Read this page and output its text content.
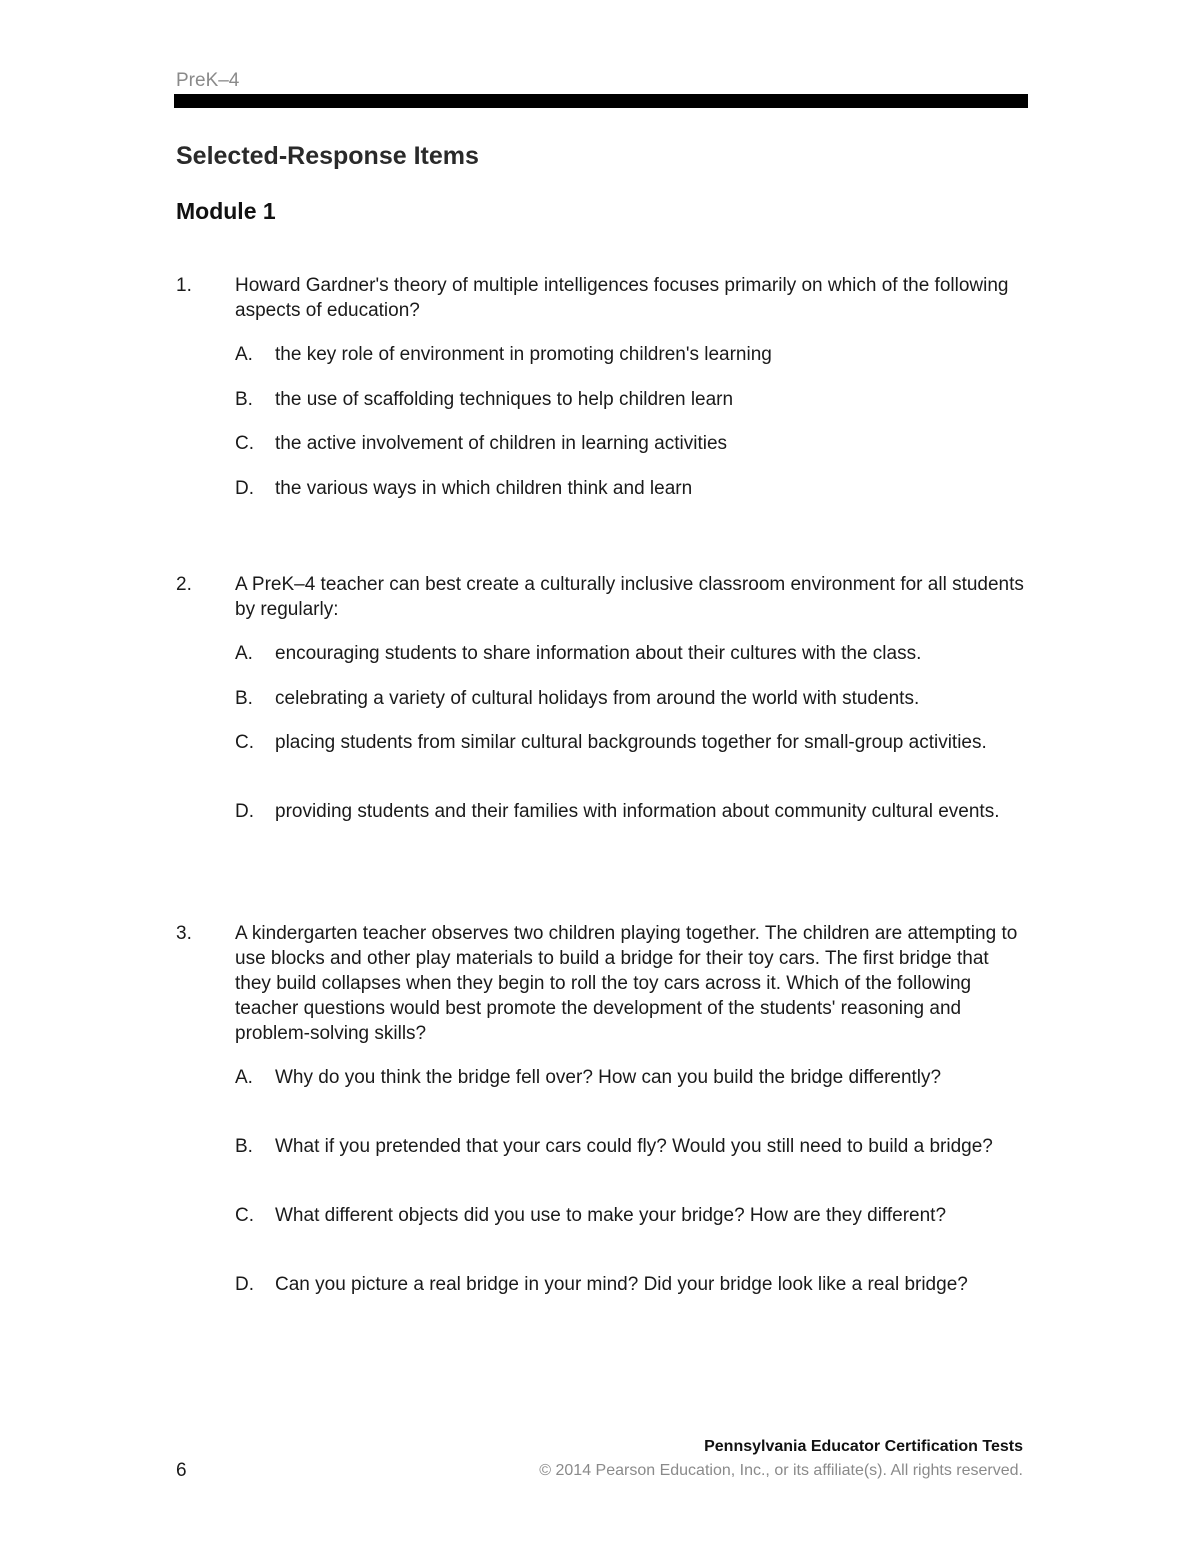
PreK–4
Selected-Response Items
Module 1
1. Howard Gardner's theory of multiple intelligences focuses primarily on which of the following aspects of education?
A. the key role of environment in promoting children's learning
B. the use of scaffolding techniques to help children learn
C. the active involvement of children in learning activities
D. the various ways in which children think and learn
2. A PreK–4 teacher can best create a culturally inclusive classroom environment for all students by regularly:
A. encouraging students to share information about their cultures with the class.
B. celebrating a variety of cultural holidays from around the world with students.
C. placing students from similar cultural backgrounds together for small-group activities.
D. providing students and their families with information about community cultural events.
3. A kindergarten teacher observes two children playing together. The children are attempting to use blocks and other play materials to build a bridge for their toy cars. The first bridge that they build collapses when they begin to roll the toy cars across it. Which of the following teacher questions would best promote the development of the students' reasoning and problem-solving skills?
A. Why do you think the bridge fell over? How can you build the bridge differently?
B. What if you pretended that your cars could fly? Would you still need to build a bridge?
C. What different objects did you use to make your bridge? How are they different?
D. Can you picture a real bridge in your mind? Did your bridge look like a real bridge?
Pennsylvania Educator Certification Tests
6	© 2014 Pearson Education, Inc., or its affiliate(s). All rights reserved.
